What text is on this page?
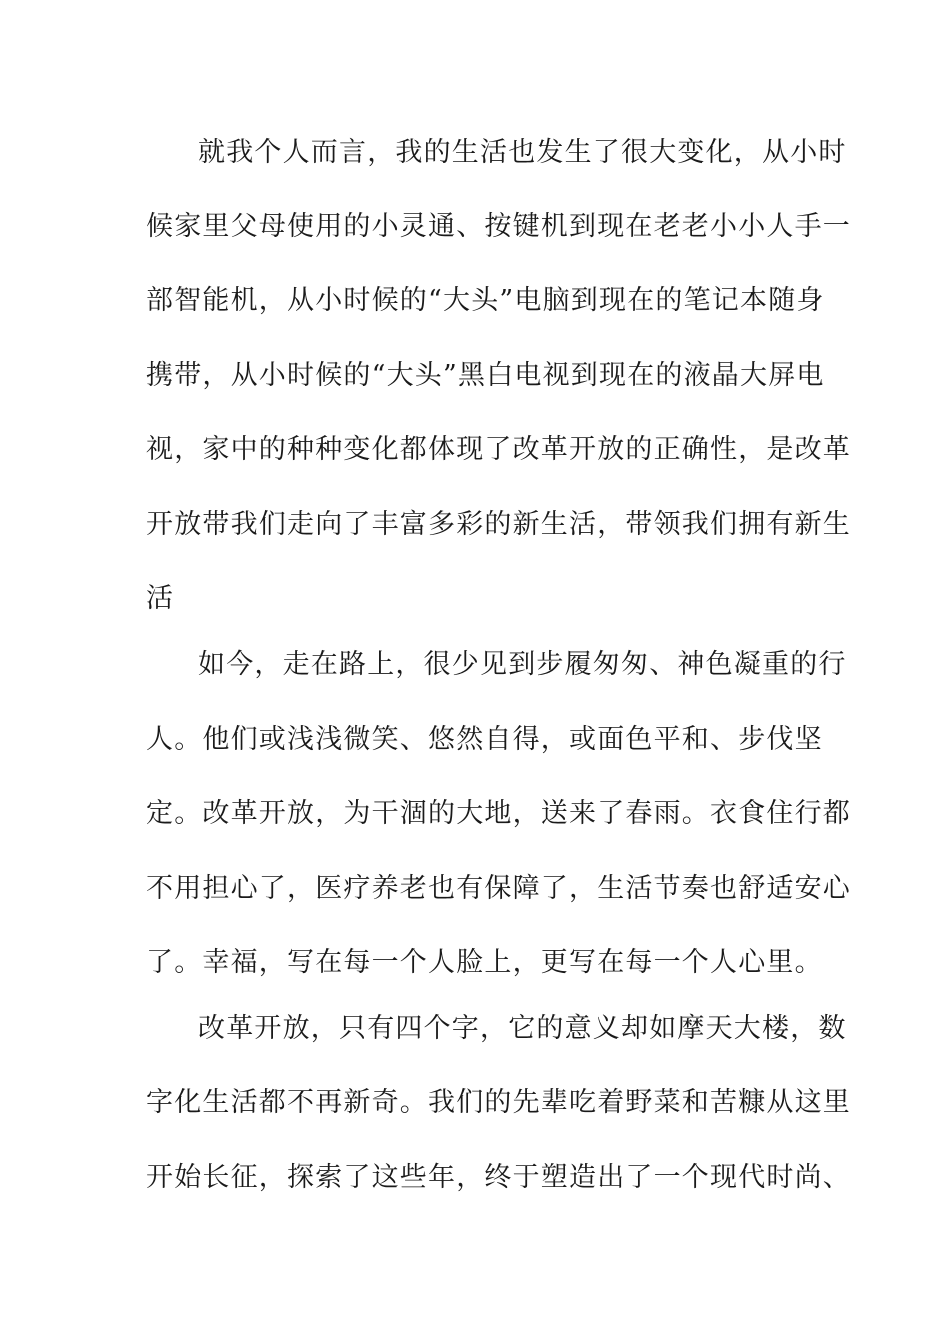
就我个人而言，我的生活也发生了很大变化，从小时
候家里父母使用的小灵通、按键机到现在老老小小人手一
部智能机，从小时候的“大头”电脑到现在的笔记本随身
携带，从小时候的“大头”黑白电视到现在的液晶大屏电
视，家中的种种变化都体现了改革开放的正确性，是改革
开放带我们走向了丰富多彩的新生活，带领我们拥有新生
活
如今，走在路上，很少见到步履匆匆、神色凝重的行
人。他们或浅浅微笑、悠然自得，或面色平和、步伐坚
定。改革开放，为干涸的大地，送来了春雨。衣食住行都
不用担心了，医疗养老也有保障了，生活节奏也舒适安心
了。幸福，写在每一个人脸上，更写在每一个人心里。
改革开放，只有四个字，它的意义却如摩天大楼，数
字化生活都不再新奇。我们的先辈吃着野菜和苦糠从这里
开始长征，探索了这些年，终于塑造出了一个现代时尚、
